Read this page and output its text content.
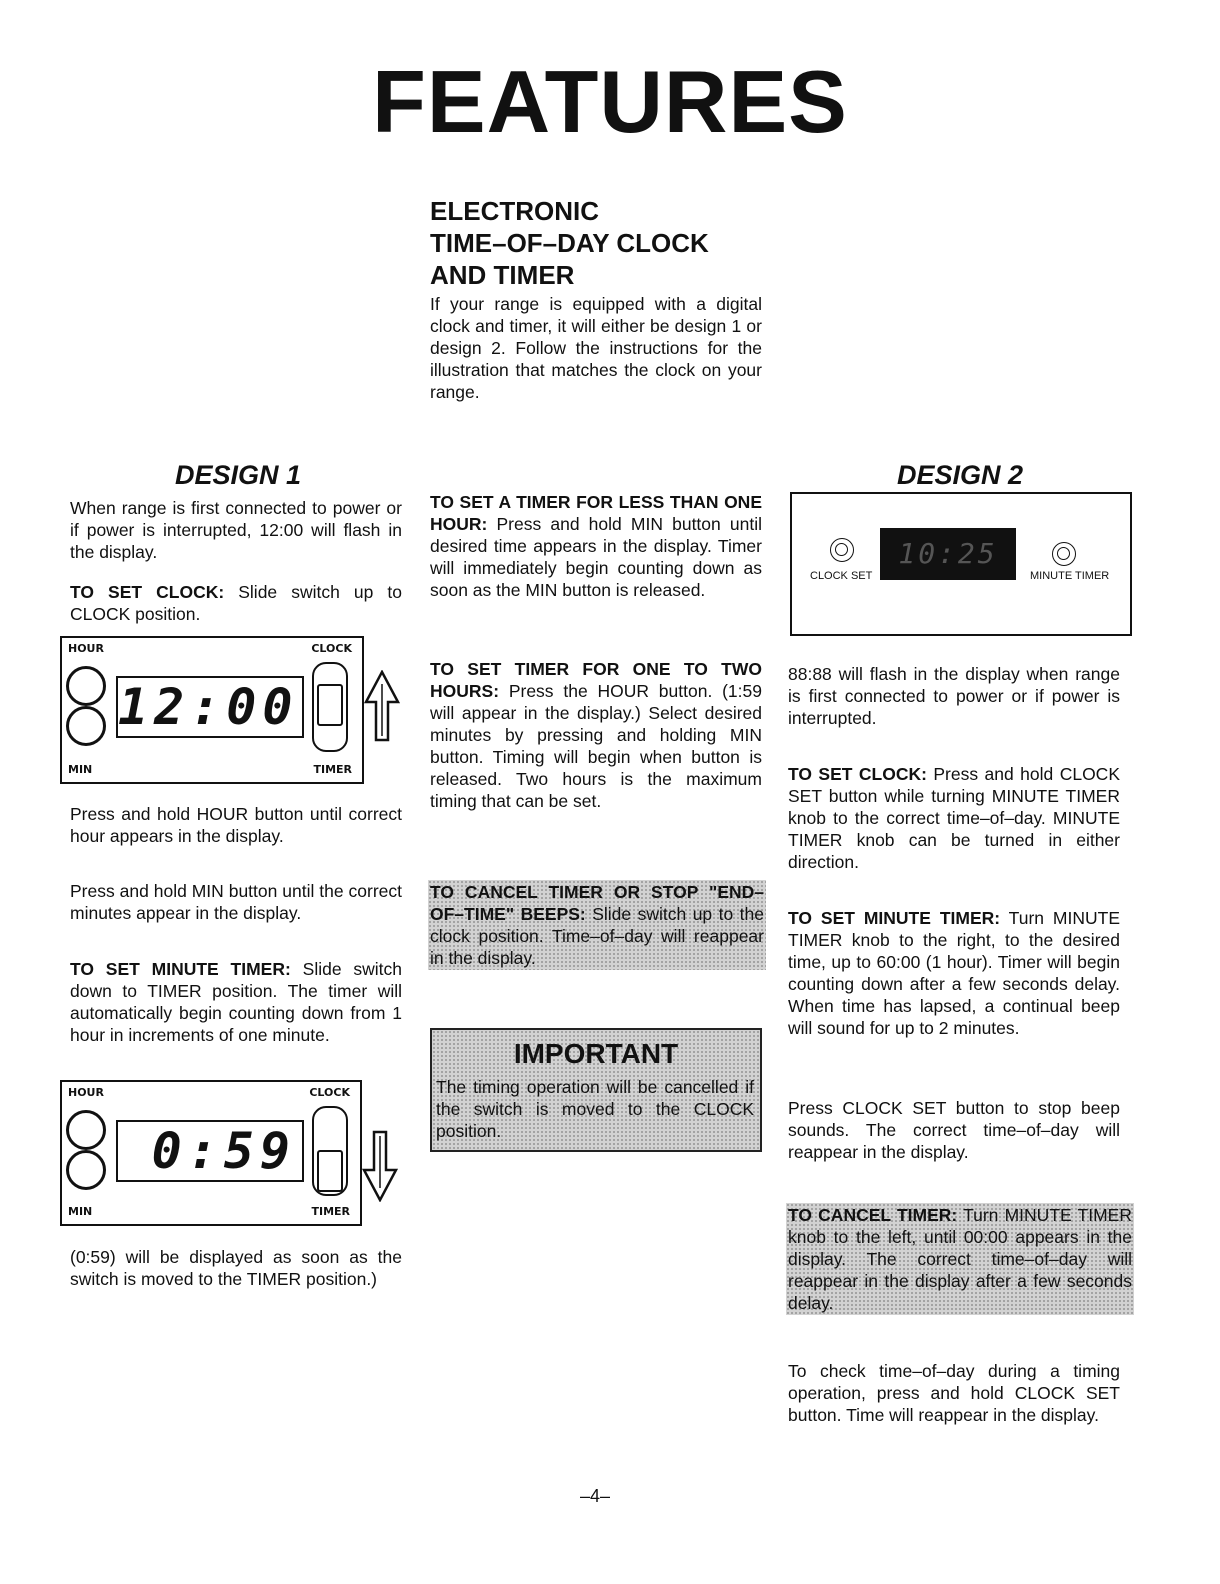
FEATURES
ELECTRONIC
TIME–OF–DAY CLOCK
AND TIMER
If your range is equipped with a digital clock and timer, it will either be design 1 or design 2. Follow the instructions for the illustration that matches the clock on your range.
DESIGN 1
When range is first connected to power or if power is interrupted, 12:00 will flash in the display.
TO SET CLOCK: Slide switch up to CLOCK position.
HOUR	CLOCK
12:00
MIN	TIMER
Press and hold HOUR button until correct hour appears in the display.
Press and hold MIN button until the correct minutes appear in the display.
TO SET MINUTE TIMER: Slide switch down to TIMER position. The timer will automatically begin counting down from 1 hour in increments of one minute.
HOUR	CLOCK
0:59
MIN	TIMER
(0:59) will be displayed as soon as the switch is moved to the TIMER position.)
TO SET A TIMER FOR LESS THAN ONE HOUR: Press and hold MIN button until desired time appears in the display. Timer will immediately begin counting down as soon as the MIN button is released.
TO SET TIMER FOR ONE TO TWO HOURS: Press the HOUR button. (1:59 will appear in the display.) Select desired minutes by pressing and holding MIN button. Timing will begin when button is released. Two hours is the maximum timing that can be set.
TO CANCEL TIMER OR STOP "END–OF–TIME" BEEPS: Slide switch up to the clock position. Time–of–day will reappear in the display.
IMPORTANT
The timing operation will be cancelled if the switch is moved to the CLOCK position.
DESIGN 2
CLOCK SET
10:25
MINUTE TIMER
88:88 will flash in the display when range is first connected to power or if power is interrupted.
TO SET CLOCK: Press and hold CLOCK SET button while turning MINUTE TIMER knob to the correct time–of–day. MINUTE TIMER knob can be turned in either direction.
TO SET MINUTE TIMER: Turn MINUTE TIMER knob to the right, to the desired time, up to 60:00 (1 hour). Timer will begin counting down after a few seconds delay. When time has lapsed, a continual beep will sound for up to 2 minutes.
Press CLOCK SET button to stop beep sounds. The correct time–of–day will reappear in the display.
TO CANCEL TIMER: Turn MINUTE TIMER knob to the left, until 00:00 appears in the display. The correct time–of–day will reappear in the display after a few seconds delay.
To check time–of–day during a timing operation, press and hold CLOCK SET button. Time will reappear in the display.
–4–
